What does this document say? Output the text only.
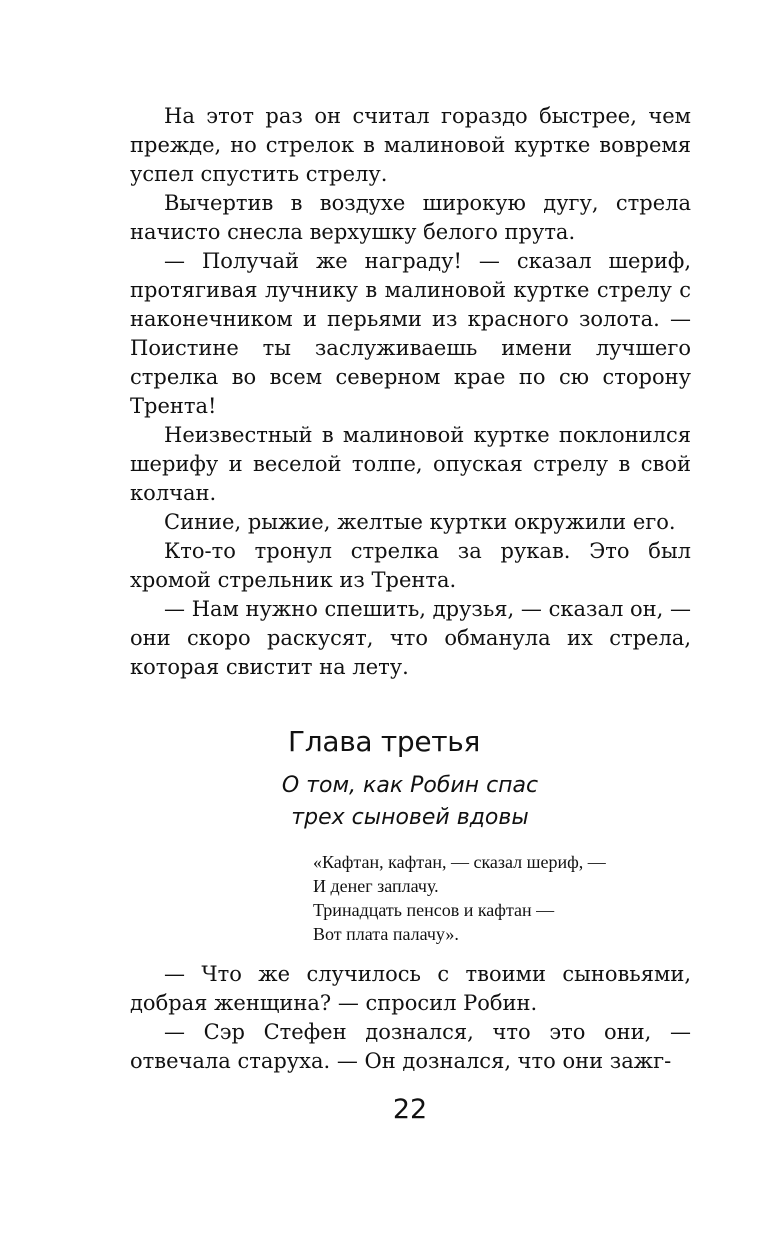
На этот раз он считал гораздо быстрее, чем прежде, но стрелок в малиновой куртке вовремя успел спустить стрелу.

Вычертив в воздухе широкую дугу, стрела начисто снесла верхушку белого прута.

— Получай же награду! — сказал шериф, протягивая лучнику в малиновой куртке стрелу с наконечником и перьями из красного золота. — Поистине ты заслуживаешь имени лучшего стрелка во всем северном крае по сю сторону Трента!

Неизвестный в малиновой куртке поклонился шерифу и веселой толпе, опуская стрелу в свой колчан.

Синие, рыжие, желтые куртки окружили его.

Кто-то тронул стрелка за рукав. Это был хромой стрельник из Трента.

— Нам нужно спешить, друзья, — сказал он, — они скоро раскусят, что обманула их стрела, которая свистит на лету.

Глава третья
О том, как Робин спас
трех сыновей вдовы
«Кафтан, кафтан, — сказал шериф, —
И денег заплачу.
Тринадцать пенсов и кафтан —
Вот плата палачу».

— Что же случилось с твоими сыновьями, добрая женщина? — спросил Робин.

— Сэр Стефен дознался, что это они, — отвечала старуха. — Он дознался, что они зажг-

22
